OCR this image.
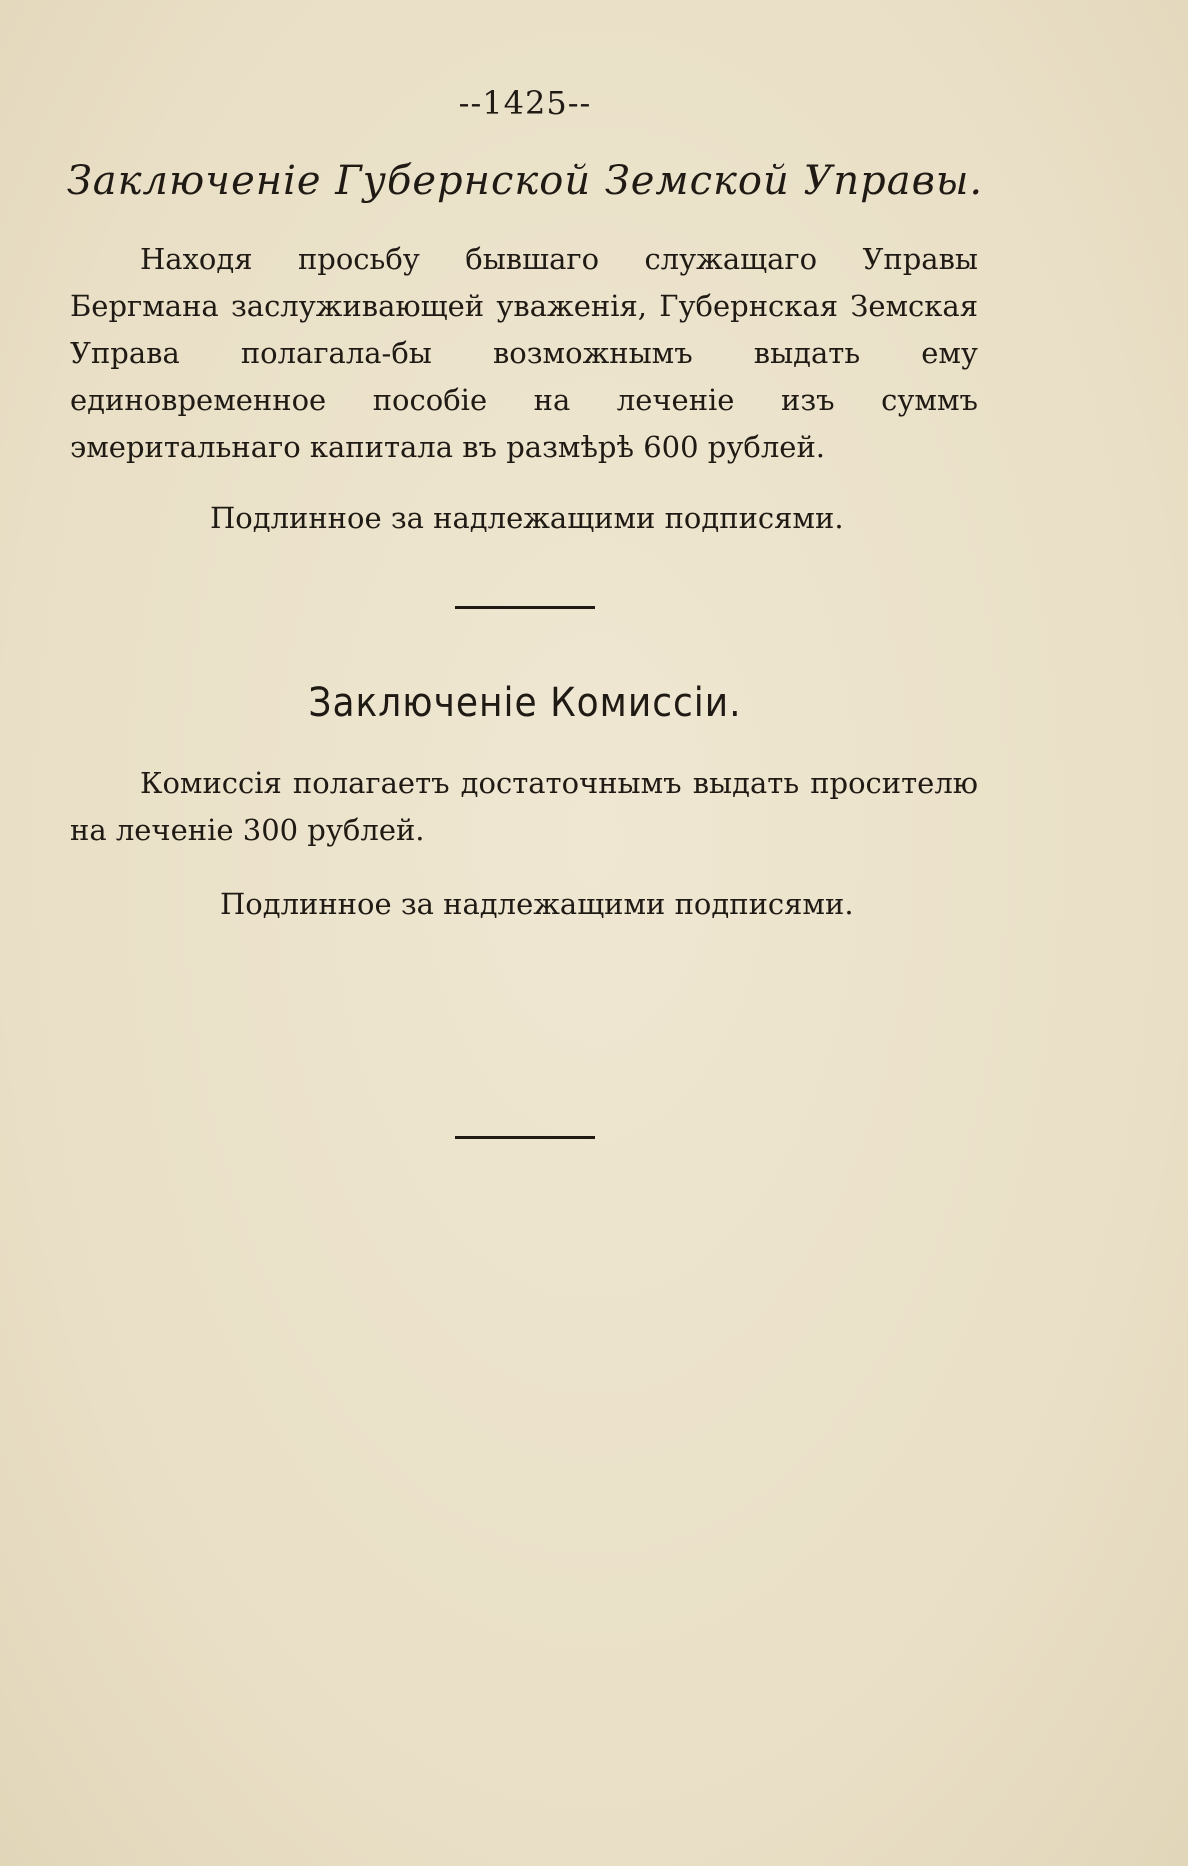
--1425--
Заключеніе Губернской Земской Управы.

Находя просьбу бывшаго служащаго Управы Бергмана заслуживающей уваженія, Губернская Земская Управа полагала-бы возможнымъ выдать ему единовременное пособіе на леченіе изъ суммъ эмеритальнаго капитала въ размѣрѣ 600 рублей.

Подлинное за надлежащими подписями.
Заключеніе Комиссіи.

Комиссія полагаетъ достаточнымъ выдать просителю на леченіе 300 рублей.

Подлинное за надлежащими подписями.
